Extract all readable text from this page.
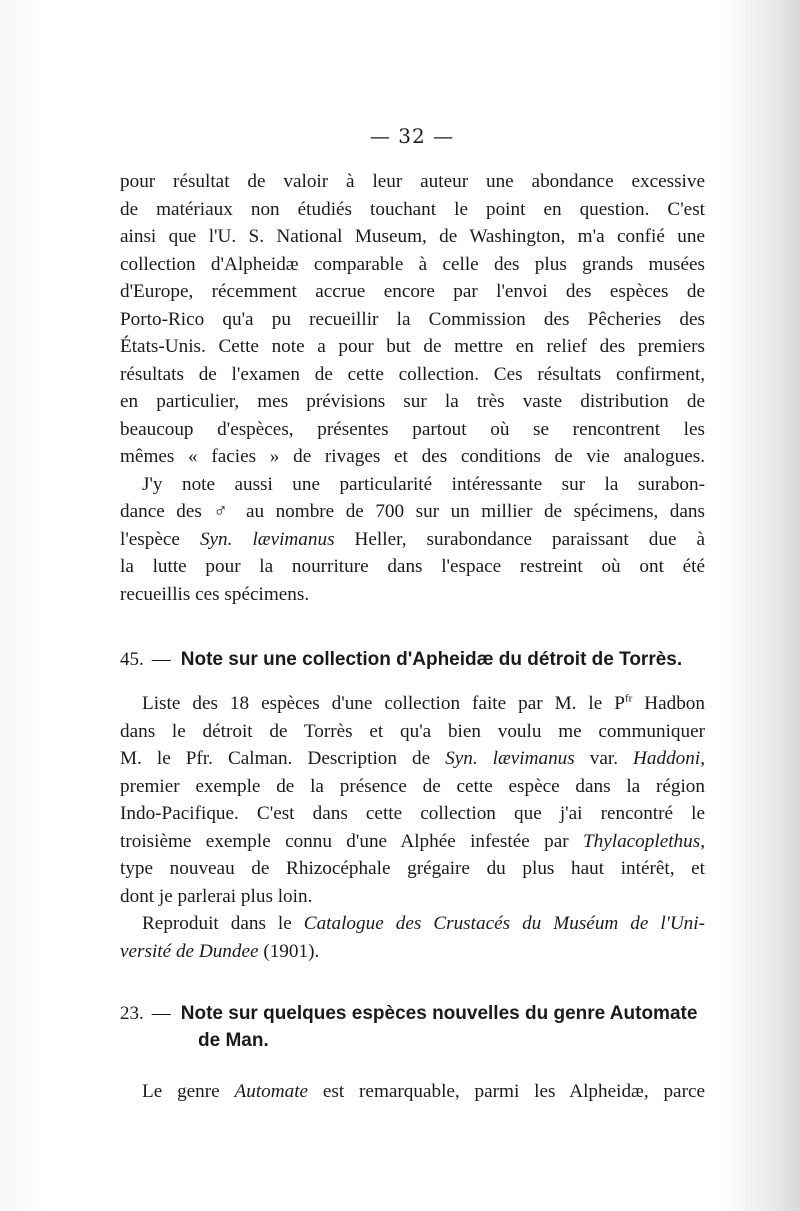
— 32 —
pour résultat de valoir à leur auteur une abondance excessive
de matériaux non étudiés touchant le point en question. C'est
ainsi que l'U. S. National Museum, de Washington, m'a confié une
collection d'Alpheidæ comparable à celle des plus grands musées
d'Europe, récemment accrue encore par l'envoi des espèces de
Porto-Rico qu'a pu recueillir la Commission des Pêcheries des
États-Unis. Cette note a pour but de mettre en relief des premiers
résultats de l'examen de cette collection. Ces résultats confirment,
en particulier, mes prévisions sur la très vaste distribution de
beaucoup d'espèces, présentes partout où se rencontrent les
mêmes « facies » de rivages et des conditions de vie analogues.
J'y note aussi une particularité intéressante sur la surabon-
dance des ♂ au nombre de 700 sur un millier de spécimens, dans
l'espèce Syn. lævimanus Heller, surabondance paraissant due à
la lutte pour la nourriture dans l'espace restreint où ont été
recueillis ces spécimens.
45. — Note sur une collection d'Apheidæ du détroit de Torrès.
Liste des 18 espèces d'une collection faite par M. le $P^{fr}$ Hadbon
dans le détroit de Torrès et qu'a bien voulu me communiquer
M. le Pfr. Calman. Description de Syn. lævimanus var. Haddoni,
premier exemple de la présence de cette espèce dans la région
Indo-Pacifique. C'est dans cette collection que j'ai rencontré le
troisième exemple connu d'une Alphée infestée par Thylacoplethus,
type nouveau de Rhizocéphale grégaire du plus haut intérêt, et
dont je parlerai plus loin.
Reproduit dans le Catalogue des Crustacés du Muséum de l'Uni-
versité de Dundee (1901).
23. — Note sur quelques espèces nouvelles du genre Automate
de Man.
Le genre Automate est remarquable, parmi les Alpheidæ, parce
